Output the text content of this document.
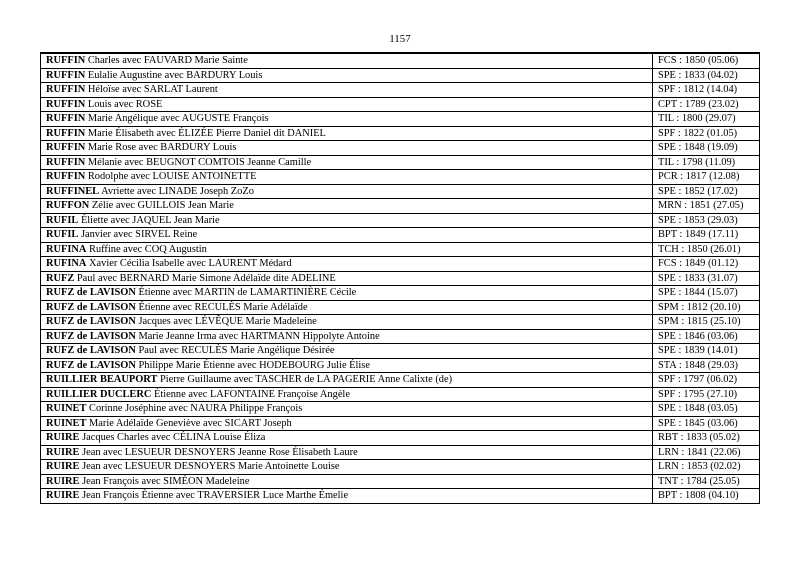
1157

RUFFIN Charles avec FAUVARD Marie Sainte	FCS : 1850 (05.06)
RUFFIN Eulalie Augustine avec BARDURY Louis	SPE : 1833 (04.02)
RUFFIN Héloïse avec SARLAT Laurent	SPF : 1812 (14.04)
RUFFIN Louis avec ROSE	CPT : 1789 (23.02)
RUFFIN Marie Angélique avec AUGUSTE François	TIL : 1800 (29.07)
RUFFIN Marie Élisabeth avec ÉLIZÉE Pierre Daniel dit DANIEL	SPF : 1822 (01.05)
RUFFIN Marie Rose avec BARDURY Louis	SPE : 1848 (19.09)
RUFFIN Mélanie avec BEUGNOT COMTOIS Jeanne Camille	TIL : 1798 (11.09)
RUFFIN Rodolphe avec LOUISE ANTOINETTE	PCR : 1817 (12.08)
RUFFINEL Avriette avec LINADE Joseph ZoZo	SPE : 1852 (17.02)
RUFFON Zélie avec GUILLOIS Jean Marie	MRN : 1851 (27.05)
RUFIL Éliette avec JAQUEL Jean Marie	SPE : 1853 (29.03)
RUFIL Janvier avec SIRVEL Reine	BPT : 1849 (17.11)
RUFINA Ruffine avec COQ Augustin	TCH : 1850 (26.01)
RUFINA Xavier Cécilia Isabelle avec LAURENT Médard	FCS : 1849 (01.12)
RUFZ Paul avec BERNARD Marie Simone Adélaïde dite ADELINE	SPE : 1833 (31.07)
RUFZ de LAVISON Étienne avec MARTIN de LAMARTINIÈRE Cécile	SPE : 1844 (15.07)
RUFZ de LAVISON Étienne avec RECULÈS Marie Adélaïde	SPM : 1812 (20.10)
RUFZ de LAVISON Jacques avec LÉVÊQUE Marie Madeleine	SPM : 1815 (25.10)
RUFZ de LAVISON Marie Jeanne Irma avec HARTMANN Hippolyte Antoine	SPE : 1846 (03.06)
RUFZ de LAVISON Paul avec RECULÈS Marie Angélique Désirée	SPE : 1839 (14.01)
RUFZ de LAVISON Philippe Marie Étienne avec HODEBOURG Julie Élise	STA : 1848 (29.03)
RUILLIER BEAUPORT Pierre Guillaume avec TASCHER de LA PAGERIE Anne Calixte (de)	SPF : 1797 (06.02)
RUILLIER DUCLERC Étienne avec LAFONTAINE Françoise Angèle	SPF : 1795 (27.10)
RUINET Corinne Joséphine avec NAURA Philippe François	SPE : 1848 (03.05)
RUINET Marie Adélaïde Geneviève avec SICART Joseph	SPE : 1845 (03.06)
RUIRE Jacques Charles avec CÉLINA Louise Éliza	RBT : 1833 (05.02)
RUIRE Jean avec LESUEUR DESNOYERS Jeanne Rose Élisabeth Laure	LRN : 1841 (22.06)
RUIRE Jean avec LESUEUR DESNOYERS Marie Antoinette Louise	LRN : 1853 (02.02)
RUIRE Jean François avec SIMÉON Madeleine	TNT : 1784 (25.05)
RUIRE Jean François Étienne avec TRAVERSIER Luce Marthe Émelie	BPT : 1808 (04.10)
